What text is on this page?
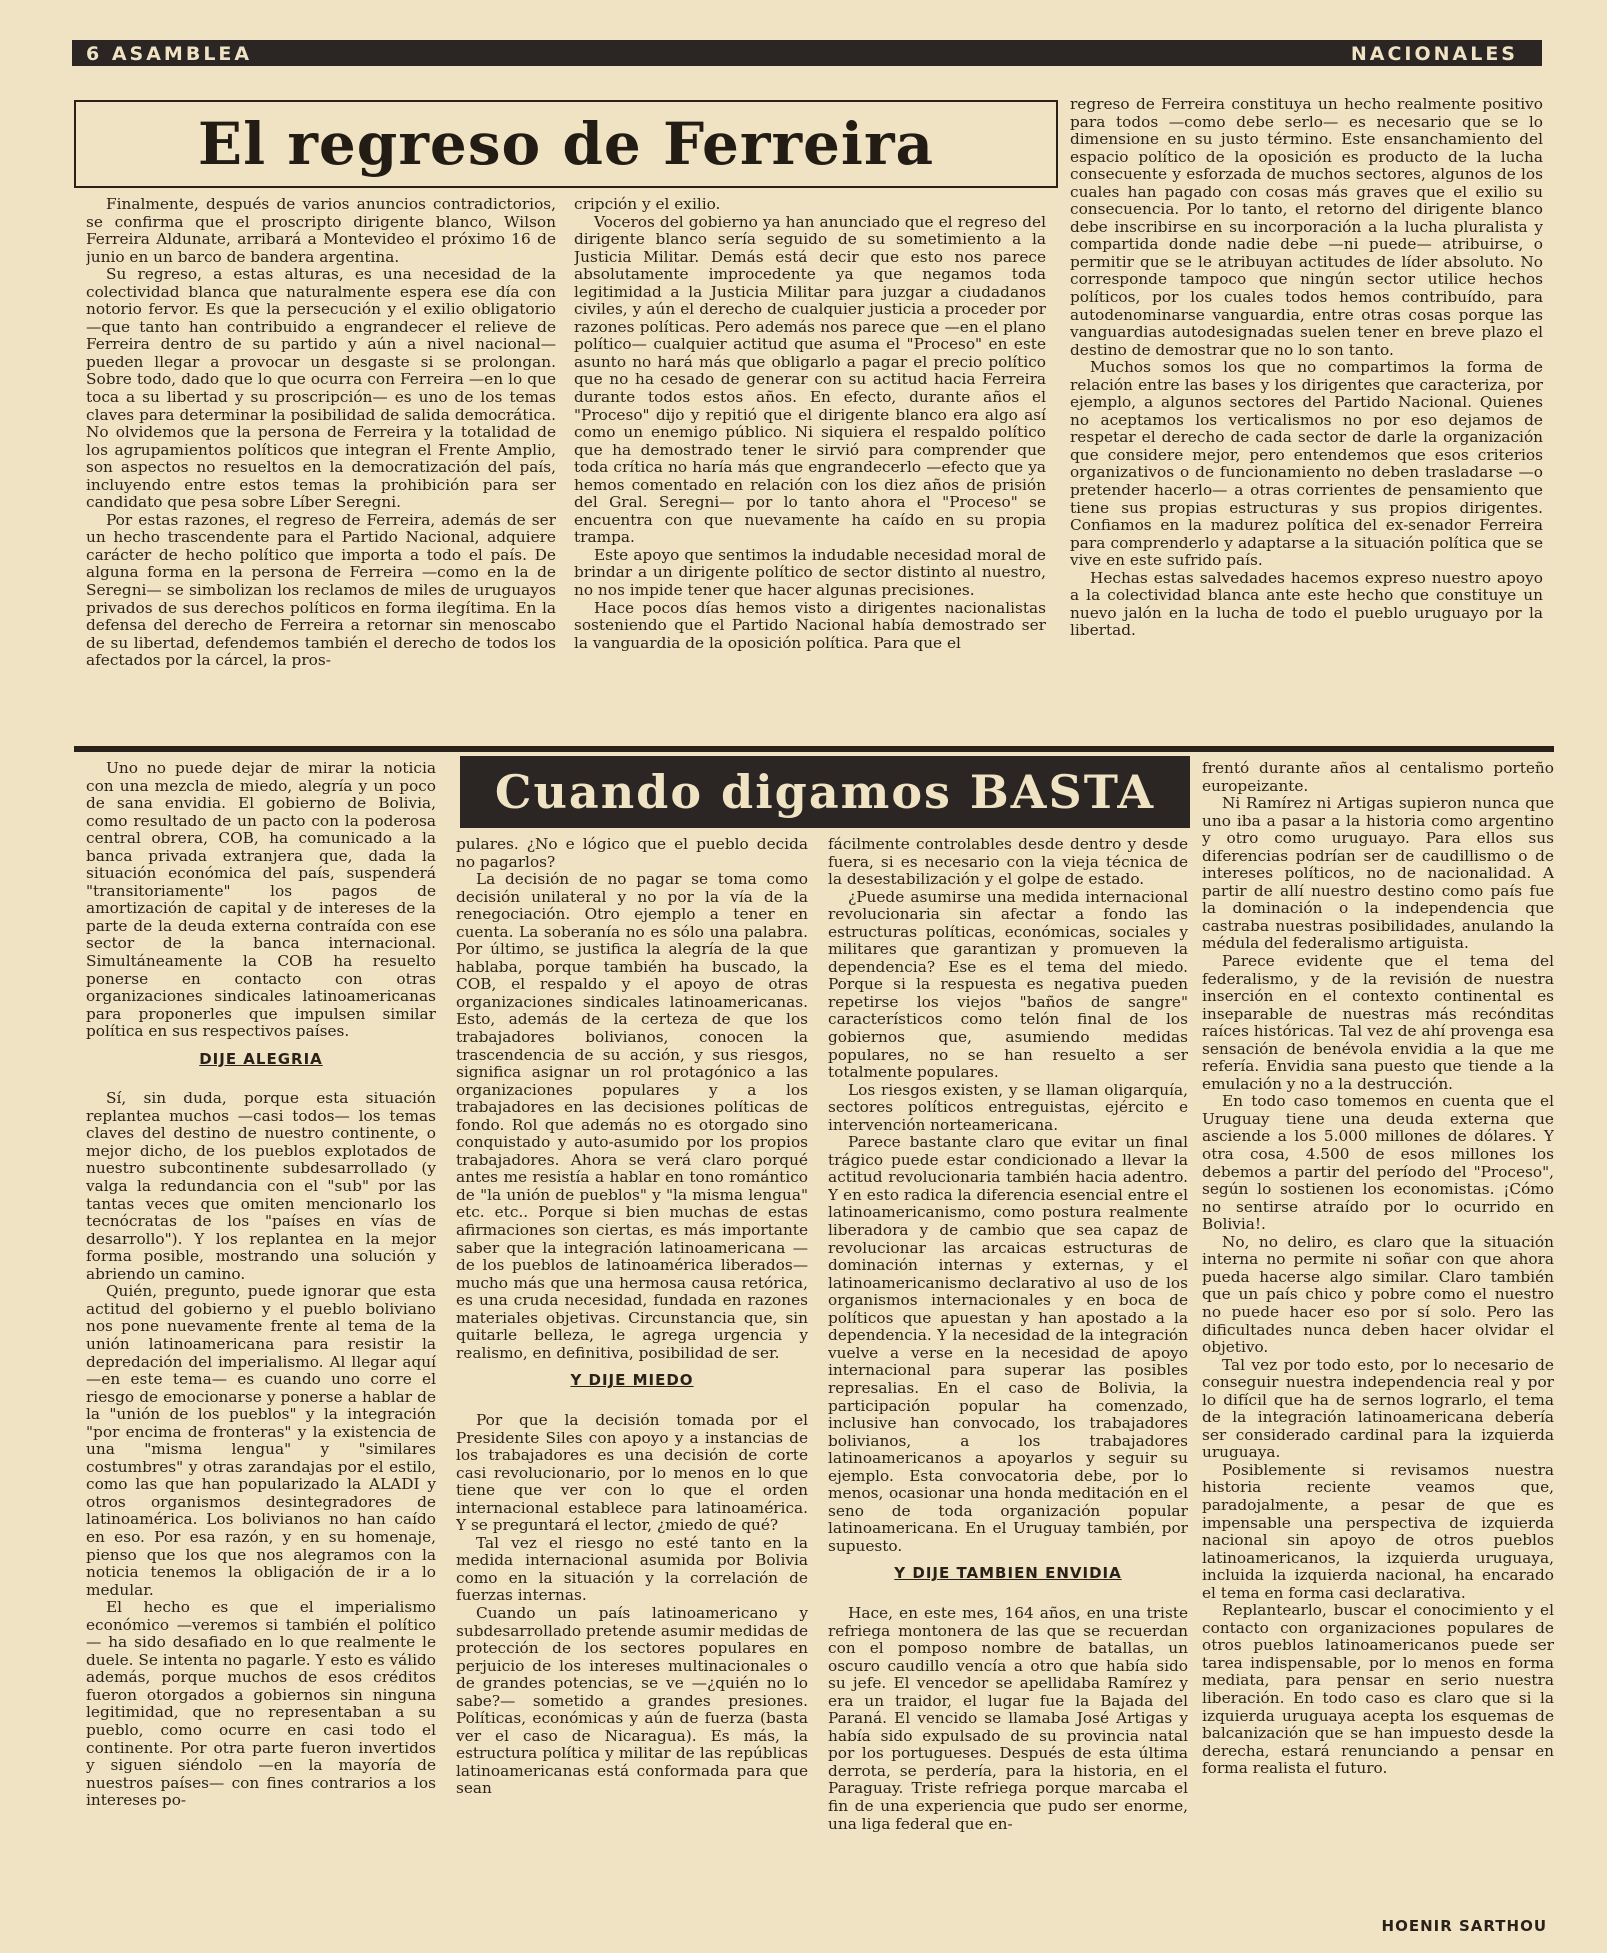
6 ASAMBLEA	NACIONALES
El regreso de Ferreira

Finalmente, después de varios anuncios contradictorios, se confirma que el proscripto dirigente blanco, Wilson Ferreira Aldunate, arribará a Montevideo el próximo 16 de junio en un barco de bandera argentina.

Su regreso, a estas alturas, es una necesidad de la colectividad blanca que naturalmente espera ese día con notorio fervor. Es que la persecución y el exilio obligatorio —que tanto han contribuido a engrandecer el relieve de Ferreira dentro de su partido y aún a nivel nacional— pueden llegar a provocar un desgaste si se prolongan. Sobre todo, dado que lo que ocurra con Ferreira —en lo que toca a su libertad y su proscripción— es uno de los temas claves para determinar la posibilidad de salida democrática. No olvidemos que la persona de Ferreira y la totalidad de los agrupamientos políticos que integran el Frente Amplio, son aspectos no resueltos en la democratización del país, incluyendo entre estos temas la prohibición para ser candidato que pesa sobre Líber Seregni.

Por estas razones, el regreso de Ferreira, además de ser un hecho trascendente para el Partido Nacional, adquiere carácter de hecho político que importa a todo el país. De alguna forma en la persona de Ferreira —como en la de Seregni— se simbolizan los reclamos de miles de uruguayos privados de sus derechos políticos en forma ilegítima. En la defensa del derecho de Ferreira a retornar sin menoscabo de su libertad, defendemos también el derecho de todos los afectados por la cárcel, la pros-

cripción y el exilio.

Voceros del gobierno ya han anunciado que el regreso del dirigente blanco sería seguido de su sometimiento a la Justicia Militar. Demás está decir que esto nos parece absolutamente improcedente ya que negamos toda legitimidad a la Justicia Militar para juzgar a ciudadanos civiles, y aún el derecho de cualquier justicia a proceder por razones políticas. Pero además nos parece que —en el plano político— cualquier actitud que asuma el "Proceso" en este asunto no hará más que obligarlo a pagar el precio político que no ha cesado de generar con su actitud hacia Ferreira durante todos estos años. En efecto, durante años el "Proceso" dijo y repitió que el dirigente blanco era algo así como un enemigo público. Ni siquiera el respaldo político que ha demostrado tener le sirvió para comprender que toda crítica no haría más que engrandecerlo —efecto que ya hemos comentado en relación con los diez años de prisión del Gral. Seregni— por lo tanto ahora el "Proceso" se encuentra con que nuevamente ha caído en su propia trampa.

Este apoyo que sentimos la indudable necesidad moral de brindar a un dirigente político de sector distinto al nuestro, no nos impide tener que hacer algunas precisiones.

Hace pocos días hemos visto a dirigentes nacionalistas sosteniendo que el Partido Nacional había demostrado ser la vanguardia de la oposición política. Para que el

regreso de Ferreira constituya un hecho realmente positivo para todos —como debe serlo— es necesario que se lo dimensione en su justo término. Este ensanchamiento del espacio político de la oposición es producto de la lucha consecuente y esforzada de muchos sectores, algunos de los cuales han pagado con cosas más graves que el exilio su consecuencia. Por lo tanto, el retorno del dirigente blanco debe inscribirse en su incorporación a la lucha pluralista y compartida donde nadie debe —ni puede— atribuirse, o permitir que se le atribuyan actitudes de líder absoluto. No corresponde tampoco que ningún sector utilice hechos políticos, por los cuales todos hemos contribuído, para autodenominarse vanguardia, entre otras cosas porque las vanguardias autodesignadas suelen tener en breve plazo el destino de demostrar que no lo son tanto.

Muchos somos los que no compartimos la forma de relación entre las bases y los dirigentes que caracteriza, por ejemplo, a algunos sectores del Partido Nacional. Quienes no aceptamos los verticalismos no por eso dejamos de respetar el derecho de cada sector de darle la organización que considere mejor, pero entendemos que esos criterios organizativos o de funcionamiento no deben trasladarse —o pretender hacerlo— a otras corrientes de pensamiento que tiene sus propias estructuras y sus propios dirigentes. Confiamos en la madurez política del ex-senador Ferreira para comprenderlo y adaptarse a la situación política que se vive en este sufrido país.

Hechas estas salvedades hacemos expreso nuestro apoyo a la colectividad blanca ante este hecho que constituye un nuevo jalón en la lucha de todo el pueblo uruguayo por la libertad.

Cuando digamos BASTA

Uno no puede dejar de mirar la noticia con una mezcla de miedo, alegría y un poco de sana envidia. El gobierno de Bolivia, como resultado de un pacto con la poderosa central obrera, COB, ha comunicado a la banca privada extranjera que, dada la situación económica del país, suspenderá "transitoriamente" los pagos de amortización de capital y de intereses de la parte de la deuda externa contraída con ese sector de la banca internacional. Simultáneamente la COB ha resuelto ponerse en contacto con otras organizaciones sindicales latinoamericanas para proponerles que impulsen similar política en sus respectivos países.

DIJE ALEGRIA

Sí, sin duda, porque esta situación replantea muchos —casi todos— los temas claves del destino de nuestro continente, o mejor dicho, de los pueblos explotados de nuestro subcontinente subdesarrollado (y valga la redundancia con el "sub" por las tantas veces que omiten mencionarlo los tecnócratas de los "países en vías de desarrollo"). Y los replantea en la mejor forma posible, mostrando una solución y abriendo un camino.

Quién, pregunto, puede ignorar que esta actitud del gobierno y el pueblo boliviano nos pone nuevamente frente al tema de la unión latinoamericana para resistir la depredación del imperialismo. Al llegar aquí —en este tema— es cuando uno corre el riesgo de emocionarse y ponerse a hablar de la "unión de los pueblos" y la integración "por encima de fronteras" y la existencia de una "misma lengua" y "similares costumbres" y otras zarandajas por el estilo, como las que han popularizado la ALADI y otros organismos desintegradores de latinoamérica. Los bolivianos no han caído en eso. Por esa razón, y en su homenaje, pienso que los que nos alegramos con la noticia tenemos la obligación de ir a lo medular.

El hecho es que el imperialismo económico —veremos si también el político— ha sido desafiado en lo que realmente le duele. Se intenta no pagarle. Y esto es válido además, porque muchos de esos créditos fueron otorgados a gobiernos sin ninguna legitimidad, que no representaban a su pueblo, como ocurre en casi todo el continente. Por otra parte fueron invertidos y siguen siéndolo —en la mayoría de nuestros países— con fines contrarios a los intereses po-

pulares. ¿No e lógico que el pueblo decida no pagarlos?

La decisión de no pagar se toma como decisión unilateral y no por la vía de la renegociación. Otro ejemplo a tener en cuenta. La soberanía no es sólo una palabra. Por último, se justifica la alegría de la que hablaba, porque también ha buscado, la COB, el respaldo y el apoyo de otras organizaciones sindicales latinoamericanas. Esto, además de la certeza de que los trabajadores bolivianos, conocen la trascendencia de su acción, y sus riesgos, significa asignar un rol protagónico a las organizaciones populares y a los trabajadores en las decisiones políticas de fondo. Rol que además no es otorgado sino conquistado y auto-asumido por los propios trabajadores. Ahora se verá claro porqué antes me resistía a hablar en tono romántico de "la unión de pueblos" y "la misma lengua" etc. etc.. Porque si bien muchas de estas afirmaciones son ciertas, es más importante saber que la integración latinoamericana —de los pueblos de latinoamérica liberados— mucho más que una hermosa causa retórica, es una cruda necesidad, fundada en razones materiales objetivas. Circunstancia que, sin quitarle belleza, le agrega urgencia y realismo, en definitiva, posibilidad de ser.

Y DIJE MIEDO

Por que la decisión tomada por el Presidente Siles con apoyo y a instancias de los trabajadores es una decisión de corte casi revolucionario, por lo menos en lo que tiene que ver con lo que el orden internacional establece para latinoamérica. Y se preguntará el lector, ¿miedo de qué?

Tal vez el riesgo no esté tanto en la medida internacional asumida por Bolivia como en la situación y la correlación de fuerzas internas.

Cuando un país latinoamericano y subdesarrollado pretende asumir medidas de protección de los sectores populares en perjuicio de los intereses multinacionales o de grandes potencias, se ve —¿quién no lo sabe?— sometido a grandes presiones. Políticas, económicas y aún de fuerza (basta ver el caso de Nicaragua). Es más, la estructura política y militar de las repúblicas latinoamericanas está conformada para que sean

fácilmente controlables desde dentro y desde fuera, si es necesario con la vieja técnica de la desestabilización y el golpe de estado.

¿Puede asumirse una medida internacional revolucionaria sin afectar a fondo las estructuras políticas, económicas, sociales y militares que garantizan y promueven la dependencia? Ese es el tema del miedo. Porque si la respuesta es negativa pueden repetirse los viejos "baños de sangre" característicos como telón final de los gobiernos que, asumiendo medidas populares, no se han resuelto a ser totalmente populares.

Los riesgos existen, y se llaman oligarquía, sectores políticos entreguistas, ejército e intervención norteamericana.

Parece bastante claro que evitar un final trágico puede estar condicionado a llevar la actitud revolucionaria también hacia adentro. Y en esto radica la diferencia esencial entre el latinoamericanismo, como postura realmente liberadora y de cambio que sea capaz de revolucionar las arcaicas estructuras de dominación internas y externas, y el latinoamericanismo declarativo al uso de los organismos internacionales y en boca de políticos que apuestan y han apostado a la dependencia. Y la necesidad de la integración vuelve a verse en la necesidad de apoyo internacional para superar las posibles represalias. En el caso de Bolivia, la participación popular ha comenzado, inclusive han convocado, los trabajadores bolivianos, a los trabajadores latinoamericanos a apoyarlos y seguir su ejemplo. Esta convocatoria debe, por lo menos, ocasionar una honda meditación en el seno de toda organización popular latinoamericana. En el Uruguay también, por supuesto.

Y DIJE TAMBIEN ENVIDIA

Hace, en este mes, 164 años, en una triste refriega montonera de las que se recuerdan con el pomposo nombre de batallas, un oscuro caudillo vencía a otro que había sido su jefe. El vencedor se apellidaba Ramírez y era un traidor, el lugar fue la Bajada del Paraná. El vencido se llamaba José Artigas y había sido expulsado de su provincia natal por los portugueses. Después de esta última derrota, se perdería, para la historia, en el Paraguay. Triste refriega porque marcaba el fin de una experiencia que pudo ser enorme, una liga federal que en-

frentó durante años al centalismo porteño europeizante.

Ni Ramírez ni Artigas supieron nunca que uno iba a pasar a la historia como argentino y otro como uruguayo. Para ellos sus diferencias podrían ser de caudillismo o de intereses políticos, no de nacionalidad. A partir de allí nuestro destino como país fue la dominación o la independencia que castraba nuestras posibilidades, anulando la médula del federalismo artiguista.

Parece evidente que el tema del federalismo, y de la revisión de nuestra inserción en el contexto continental es inseparable de nuestras más recónditas raíces históricas. Tal vez de ahí provenga esa sensación de benévola envidia a la que me refería. Envidia sana puesto que tiende a la emulación y no a la destrucción.

En todo caso tomemos en cuenta que el Uruguay tiene una deuda externa que asciende a los 5.000 millones de dólares. Y otra cosa, 4.500 de esos millones los debemos a partir del período del "Proceso", según lo sostienen los economistas. ¡Cómo no sentirse atraído por lo ocurrido en Bolivia!.

No, no deliro, es claro que la situación interna no permite ni soñar con que ahora pueda hacerse algo similar. Claro también que un país chico y pobre como el nuestro no puede hacer eso por sí solo. Pero las dificultades nunca deben hacer olvidar el objetivo.

Tal vez por todo esto, por lo necesario de conseguir nuestra independencia real y por lo difícil que ha de sernos lograrlo, el tema de la integración latinoamericana debería ser considerado cardinal para la izquierda uruguaya.

Posiblemente si revisamos nuestra historia reciente veamos que, paradojalmente, a pesar de que es impensable una perspectiva de izquierda nacional sin apoyo de otros pueblos latinoamericanos, la izquierda uruguaya, incluida la izquierda nacional, ha encarado el tema en forma casi declarativa.

Replantearlo, buscar el conocimiento y el contacto con organizaciones populares de otros pueblos latinoamericanos puede ser tarea indispensable, por lo menos en forma mediata, para pensar en serio nuestra liberación. En todo caso es claro que si la izquierda uruguaya acepta los esquemas de balcanización que se han impuesto desde la derecha, estará renunciando a pensar en forma realista el futuro.

HOENIR SARTHOU
